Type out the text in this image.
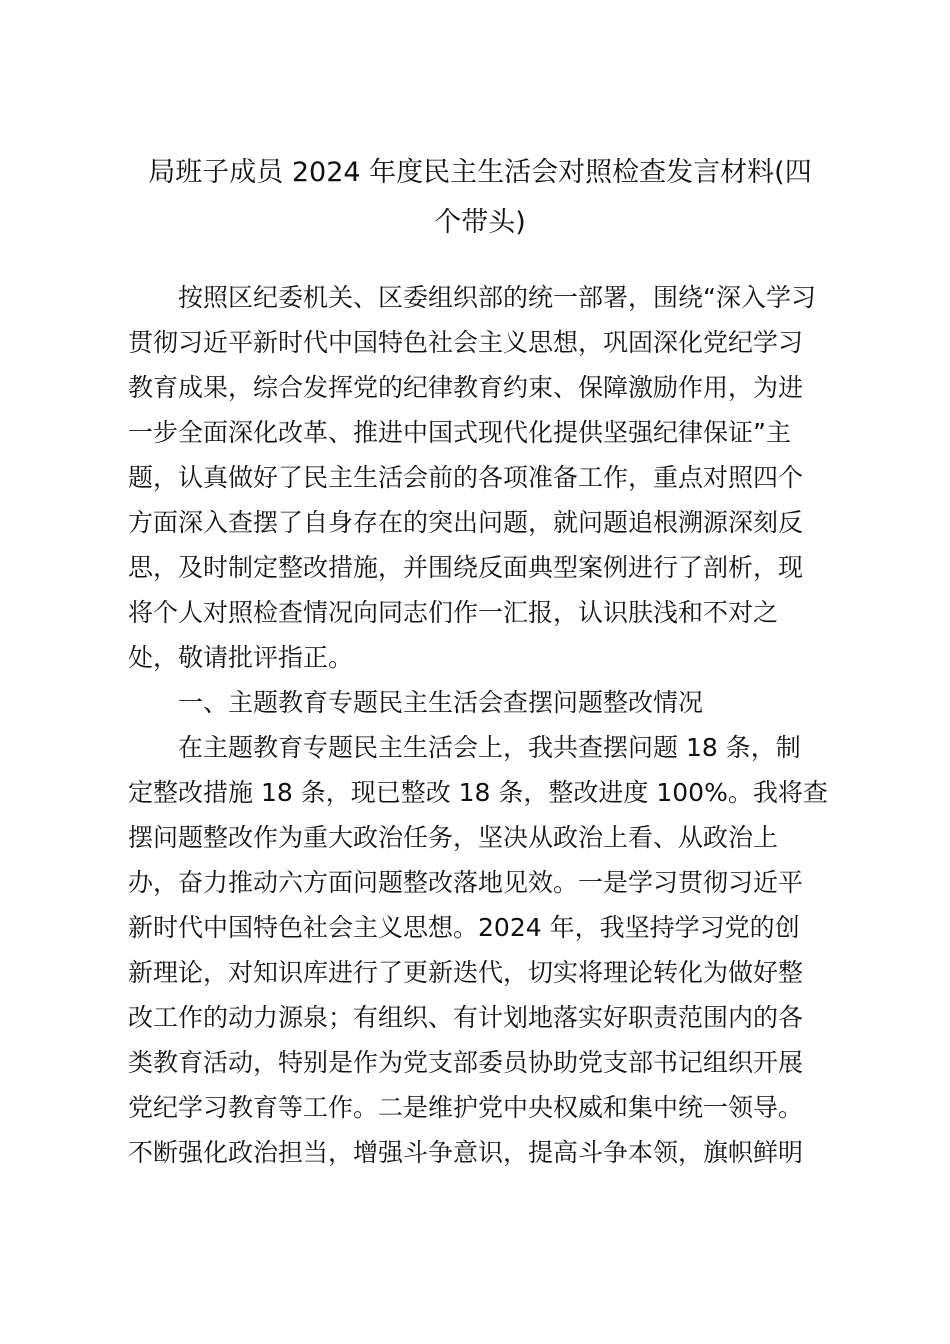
局班子成员 2024 年度民主生活会对照检查发言材料(四
个带头)
　　按照区纪委机关、区委组织部的统一部署，围绕“深入学习
贯彻习近平新时代中国特色社会主义思想，巩固深化党纪学习
教育成果，综合发挥党的纪律教育约束、保障激励作用，为进
一步全面深化改革、推进中国式现代化提供坚强纪律保证”主
题，认真做好了民主生活会前的各项准备工作，重点对照四个
方面深入查摆了自身存在的突出问题，就问题追根溯源深刻反
思，及时制定整改措施，并围绕反面典型案例进行了剖析，现
将个人对照检查情况向同志们作一汇报，认识肤浅和不对之
处，敬请批评指正。
　　一、主题教育专题民主生活会查摆问题整改情况
　　在主题教育专题民主生活会上，我共查摆问题 18 条，制
定整改措施 18 条，现已整改 18 条，整改进度 100%。我将查
摆问题整改作为重大政治任务，坚决从政治上看、从政治上
办，奋力推动六方面问题整改落地见效。一是学习贯彻习近平
新时代中国特色社会主义思想。2024 年，我坚持学习党的创
新理论，对知识库进行了更新迭代，切实将理论转化为做好整
改工作的动力源泉；有组织、有计划地落实好职责范围内的各
类教育活动，特别是作为党支部委员协助党支部书记组织开展
党纪学习教育等工作。二是维护党中央权威和集中统一领导。
不断强化政治担当，增强斗争意识，提高斗争本领，旗帜鲜明
